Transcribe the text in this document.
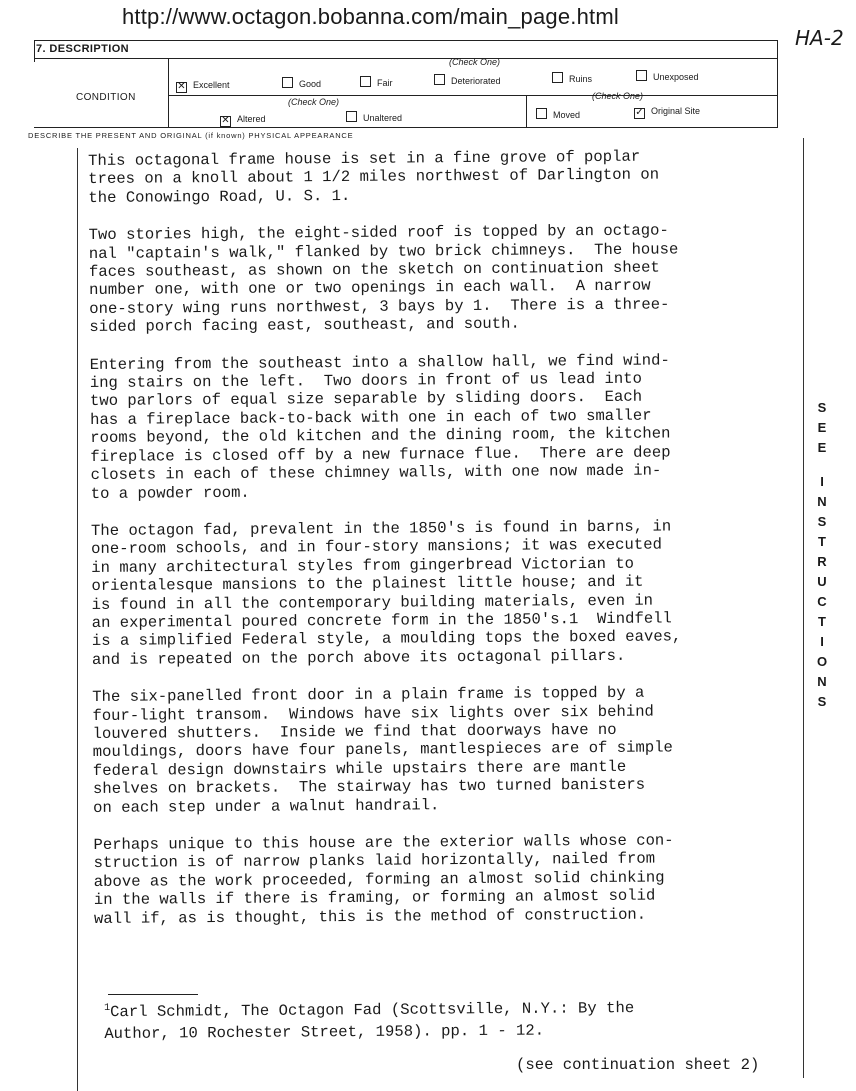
http://www.octagon.bobanna.com/main_page.html
HA-2
7. DESCRIPTION
CONDITION
(Check One)
(Check One)
(Check One)
✕ Excellent	Good	Fair	Deteriorated	Ruins	Unexposed
✕ Altered	Unaltered	Moved	✓ Original Site
DESCRIBE THE PRESENT AND ORIGINAL (if known) PHYSICAL APPEARANCE

This octagonal frame house is set in a fine grove of poplar
trees on a knoll about 1 1/2 miles northwest of Darlington on
the Conowingo Road, U. S. 1.

Two stories high, the eight-sided roof is topped by an octago-
nal "captain's walk," flanked by two brick chimneys.  The house
faces southeast, as shown on the sketch on continuation sheet
number one, with one or two openings in each wall.  A narrow
one-story wing runs northwest, 3 bays by 1.  There is a three-
sided porch facing east, southeast, and south.

Entering from the southeast into a shallow hall, we find wind-
ing stairs on the left.  Two doors in front of us lead into
two parlors of equal size separable by sliding doors.  Each
has a fireplace back-to-back with one in each of two smaller
rooms beyond, the old kitchen and the dining room, the kitchen
fireplace is closed off by a new furnace flue.  There are deep
closets in each of these chimney walls, with one now made in-
to a powder room.

The octagon fad, prevalent in the 1850's is found in barns, in
one-room schools, and in four-story mansions; it was executed
in many architectural styles from gingerbread Victorian to
orientalesque mansions to the plainest little house; and it
is found in all the contemporary building materials, even in
an experimental poured concrete form in the 1850's.1  Windfell
is a simplified Federal style, a moulding tops the boxed eaves,
and is repeated on the porch above its octagonal pillars.

The six-panelled front door in a plain frame is topped by a
four-light transom.  Windows have six lights over six behind
louvered shutters.  Inside we find that doorways have no
mouldings, doors have four panels, mantlespieces are of simple
federal design downstairs while upstairs there are mantle
shelves on brackets.  The stairway has two turned banisters
on each step under a walnut handrail.

Perhaps unique to this house are the exterior walls whose con-
struction is of narrow planks laid horizontally, nailed from
above as the work proceeded, forming an almost solid chinking
in the walls if there is framing, or forming an almost solid
wall if, as is thought, this is the method of construction.

S
E
E
I
N
S
T
R
U
C
T
I
O
N
S
$^1$Carl Schmidt, The Octagon Fad (Scottsville, N.Y.: By the
Author, 10 Rochester Street, 1958). pp. 1 - 12.
(see continuation sheet 2)
